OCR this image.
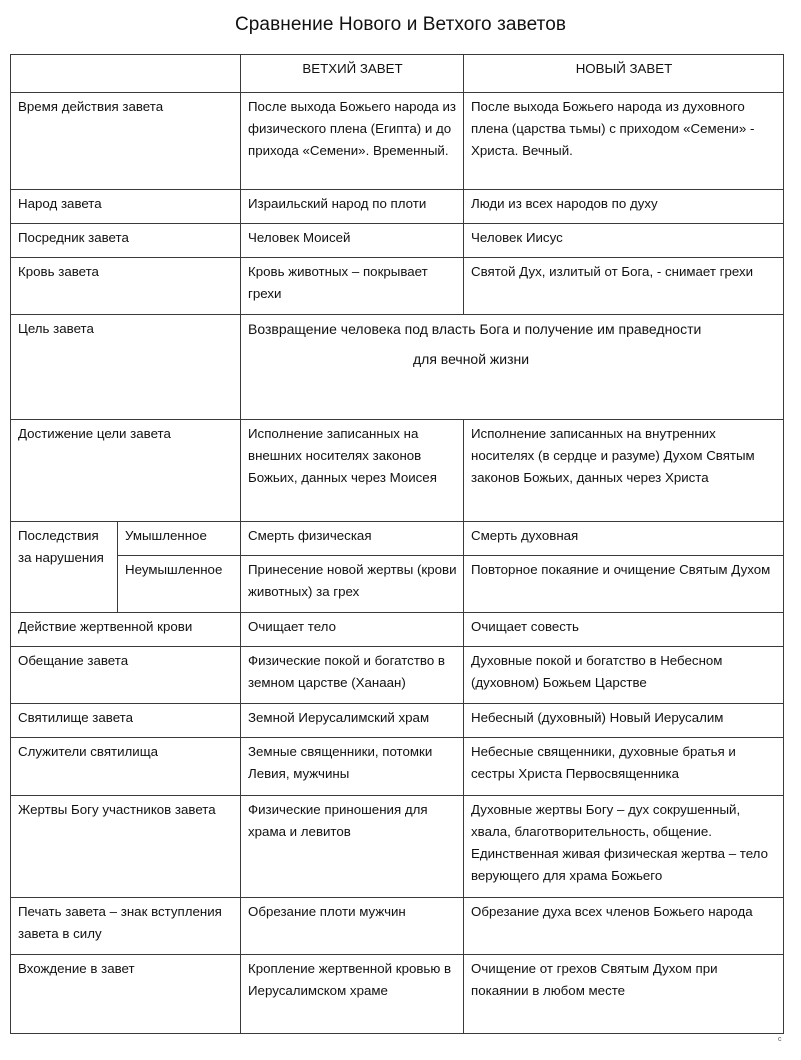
Сравнение Нового и Ветхого заветов
		ВЕТХИЙ ЗАВЕТ	НОВЫЙ ЗАВЕТ
Время действия завета		После выхода Божьего народа из физического плена (Египта) и до прихода «Семени». Временный.	После выхода Божьего народа из духовного плена (царства тьмы) с приходом «Семени» - Христа. Вечный.
Народ завета		Израильский народ по плоти	Люди из всех народов по духу
Посредник завета		Человек Моисей	Человек Иисус
Кровь завета		Кровь животных – покрывает грехи	Святой Дух, излитый от Бога, - снимает грехи
Цель завета		Возвращение человека под власть Бога и получение им праведности
для вечной жизни	

Достижение цели завета		Исполнение записанных на внешних носителях законов Божьих, данных через Моисея	Исполнение записанных на внутренних носителях (в сердце и разуме) Духом Святым законов Божьих, данных через Христа
Последствия за нарушения	Умышленное	Смерть физическая	Смерть духовная
	Неумышленное	Принесение новой жертвы (крови животных) за грех	Повторное покаяние и очищение Святым Духом
Действие жертвенной крови		Очищает тело	Очищает совесть
Обещание завета		Физические покой и богатство в земном царстве (Ханаан)	Духовные покой и богатство в Небесном (духовном) Божьем Царстве
Святилище завета		Земной Иерусалимский храм	Небесный (духовный) Новый Иерусалим
Служители святилища		Земные священники, потомки Левия, мужчины	Небесные священники, духовные братья и сестры Христа Первосвященника
Жертвы Богу участников завета		Физические приношения для храма и левитов	Духовные жертвы Богу – дух сокрушенный, хвала, благотворительность, общение. Единственная живая физическая жертва – тело верующего для храма Божьего
Печать завета – знак вступления завета в силу		Обрезание плоти мужчин	Обрезание духа всех членов Божьего народа
Вхождение в завет		Кропление жертвенной кровью в Иерусалимском храме	Очищение от грехов Святым Духом при покаянии в любом месте
c
